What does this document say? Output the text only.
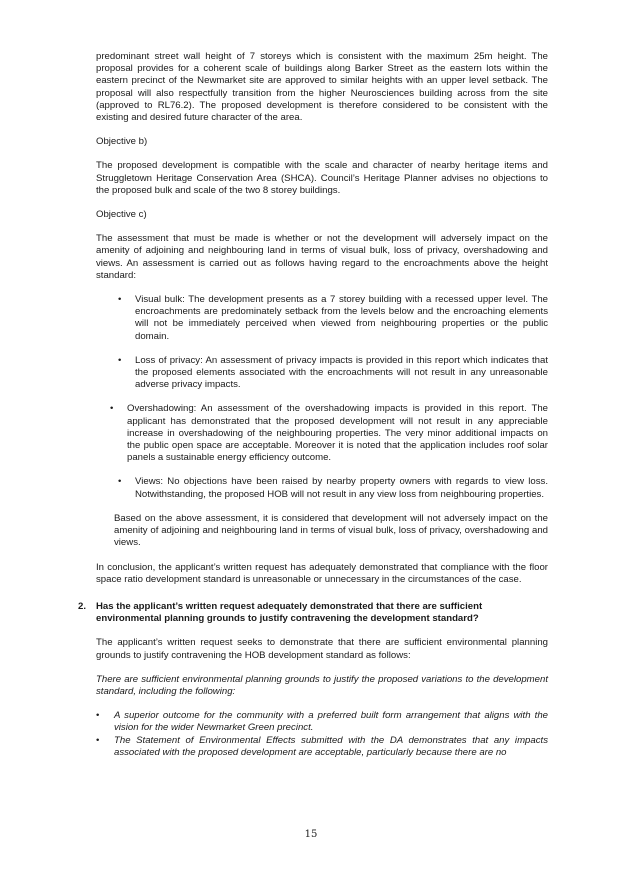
predominant street wall height of 7 storeys which is consistent with the maximum 25m height. The proposal provides for a coherent scale of buildings along Barker Street as the eastern lots within the eastern precinct of the Newmarket site are approved to similar heights with an upper level setback. The proposal will also respectfully transition from the higher Neurosciences building across from the site (approved to RL76.2). The proposed development is therefore considered to be consistent with the existing and desired future character of the area.

Objective b)

The proposed development is compatible with the scale and character of nearby heritage items and Struggletown Heritage Conservation Area (SHCA). Council’s Heritage Planner advises no objections to the proposed bulk and scale of the two 8 storey buildings.

Objective c)

The assessment that must be made is whether or not the development will adversely impact on the amenity of adjoining and neighbouring land in terms of visual bulk, loss of privacy, overshadowing and views. An assessment is carried out as follows having regard to the encroachments above the height standard:

• Visual bulk: The development presents as a 7 storey building with a recessed upper level. The encroachments are predominately setback from the levels below and the encroaching elements will not be immediately perceived when viewed from neighbouring properties or the public domain.
• Loss of privacy: An assessment of privacy impacts is provided in this report which indicates that the proposed elements associated with the encroachments will not result in any unreasonable adverse privacy impacts.
• Overshadowing: An assessment of the overshadowing impacts is provided in this report. The applicant has demonstrated that the proposed development will not result in any appreciable increase in overshadowing of the neighbouring properties. The very minor additional impacts on the public open space are acceptable. Moreover it is noted that the application includes roof solar panels a sustainable energy efficiency outcome.
• Views: No objections have been raised by nearby property owners with regards to view loss. Notwithstanding, the proposed HOB will not result in any view loss from neighbouring properties.

Based on the above assessment, it is considered that development will not adversely impact on the amenity of adjoining and neighbouring land in terms of visual bulk, loss of privacy, overshadowing and views.

In conclusion, the applicant’s written request has adequately demonstrated that compliance with the floor space ratio development standard is unreasonable or unnecessary in the circumstances of the case.

2. Has the applicant’s written request adequately demonstrated that there are sufficient environmental planning grounds to justify contravening the development standard?

The applicant’s written request seeks to demonstrate that there are sufficient environmental planning grounds to justify contravening the HOB development standard as follows:

There are sufficient environmental planning grounds to justify the proposed variations to the development standard, including the following:

• A superior outcome for the community with a preferred built form arrangement that aligns with the vision for the wider Newmarket Green precinct.
• The Statement of Environmental Effects submitted with the DA demonstrates that any impacts associated with the proposed development are acceptable, particularly because there are no
15
